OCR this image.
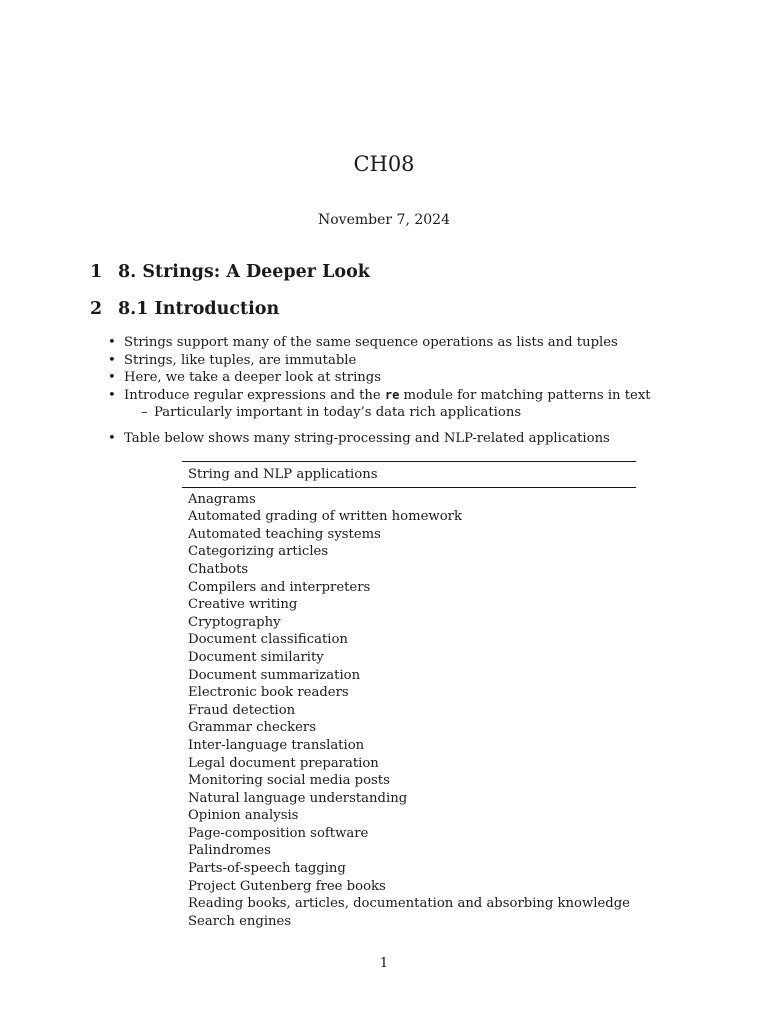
CH08
November 7, 2024
1 8. Strings: A Deeper Look
2 8.1 Introduction
• Strings support many of the same sequence operations as lists and tuples
• Strings, like tuples, are immutable
• Here, we take a deeper look at strings
• Introduce regular expressions and the re module for matching patterns in text
– Particularly important in today’s data rich applications
• Table below shows many string-processing and NLP-related applications
String and NLP applications
Anagrams
Automated grading of written homework
Automated teaching systems
Categorizing articles
Chatbots
Compilers and interpreters
Creative writing
Cryptography
Document classification
Document similarity
Document summarization
Electronic book readers
Fraud detection
Grammar checkers
Inter-language translation
Legal document preparation
Monitoring social media posts
Natural language understanding
Opinion analysis
Page-composition software
Palindromes
Parts-of-speech tagging
Project Gutenberg free books
Reading books, articles, documentation and absorbing knowledge
Search engines
1
